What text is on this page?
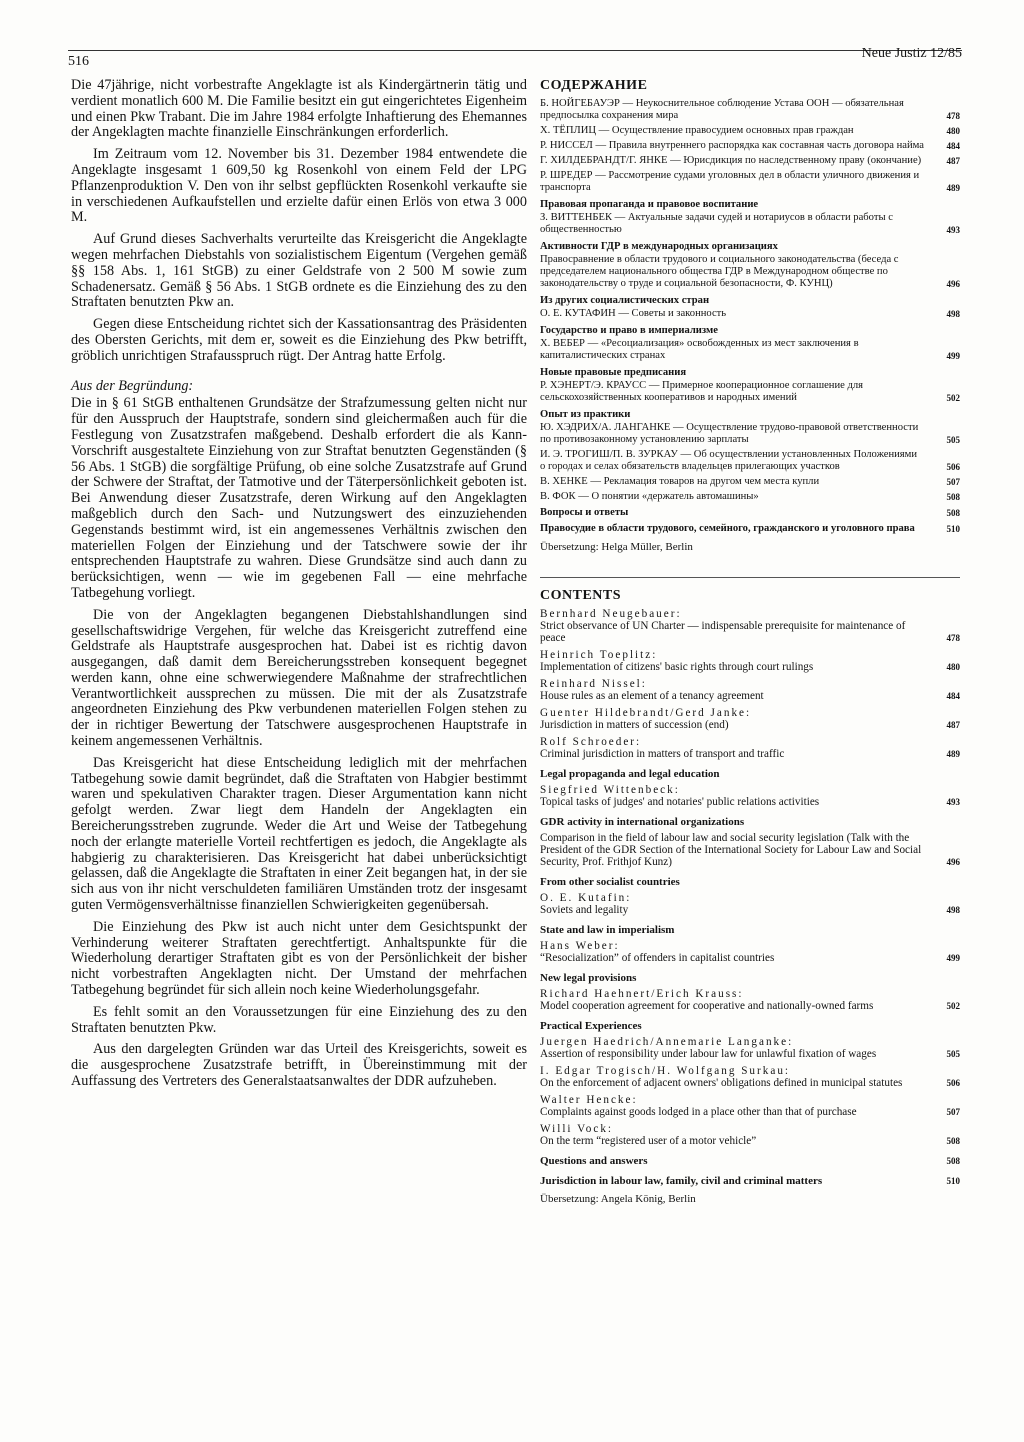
516
Neue Justiz 12/85

Die 47jährige, nicht vorbestrafte Angeklagte ist als Kindergärtnerin tätig und verdient monatlich 600 M. Die Familie besitzt ein gut eingerichtetes Eigenheim und einen Pkw Trabant. Die im Jahre 1984 erfolgte Inhaftierung des Ehemannes der Angeklagten machte finanzielle Einschränkungen erforderlich.

Im Zeitraum vom 12. November bis 31. Dezember 1984 entwendete die Angeklagte insgesamt 1 609,50 kg Rosenkohl von einem Feld der LPG Pflanzenproduktion V. Den von ihr selbst gepflückten Rosenkohl verkaufte sie in verschiedenen Aufkaufstellen und erzielte dafür einen Erlös von etwa 3 000 M.

Auf Grund dieses Sachverhalts verurteilte das Kreisgericht die Angeklagte wegen mehrfachen Diebstahls von sozialistischem Eigentum (Vergehen gemäß §§ 158 Abs. 1, 161 StGB) zu einer Geldstrafe von 2 500 M sowie zum Schadenersatz. Gemäß § 56 Abs. 1 StGB ordnete es die Einziehung des zu den Straftaten benutzten Pkw an.

Gegen diese Entscheidung richtet sich der Kassationsantrag des Präsidenten des Obersten Gerichts, mit dem er, soweit es die Einziehung des Pkw betrifft, gröblich unrichtigen Strafausspruch rügt. Der Antrag hatte Erfolg.

Aus der Begründung:

Die in § 61 StGB enthaltenen Grundsätze der Strafzumessung gelten nicht nur für den Ausspruch der Hauptstrafe, sondern sind gleichermaßen auch für die Festlegung von Zusatzstrafen maßgebend. Deshalb erfordert die als Kann-Vorschrift ausgestaltete Einziehung von zur Straftat benutzten Gegenständen (§ 56 Abs. 1 StGB) die sorgfältige Prüfung, ob eine solche Zusatzstrafe auf Grund der Schwere der Straftat, der Tatmotive und der Täterpersönlichkeit geboten ist. Bei Anwendung dieser Zusatzstrafe, deren Wirkung auf den Angeklagten maßgeblich durch den Sach- und Nutzungswert des einzuziehenden Gegenstands bestimmt wird, ist ein angemessenes Verhältnis zwischen den materiellen Folgen der Einziehung und der Tatschwere sowie der ihr entsprechenden Hauptstrafe zu wahren. Diese Grundsätze sind auch dann zu berücksichtigen, wenn — wie im gegebenen Fall — eine mehrfache Tatbegehung vorliegt.

Die von der Angeklagten begangenen Diebstahlshandlungen sind gesellschaftswidrige Vergehen, für welche das Kreisgericht zutreffend eine Geldstrafe als Hauptstrafe ausgesprochen hat. Dabei ist es richtig davon ausgegangen, daß damit dem Bereicherungsstreben konsequent begegnet werden kann, ohne eine schwerwiegendere Maßnahme der strafrechtlichen Verantwortlichkeit aussprechen zu müssen. Die mit der als Zusatzstrafe angeordneten Einziehung des Pkw verbundenen materiellen Folgen stehen zu der in richtiger Bewertung der Tatschwere ausgesprochenen Hauptstrafe in keinem angemessenen Verhältnis.

Das Kreisgericht hat diese Entscheidung lediglich mit der mehrfachen Tatbegehung sowie damit begründet, daß die Straftaten von Habgier bestimmt waren und spekulativen Charakter tragen. Dieser Argumentation kann nicht gefolgt werden. Zwar liegt dem Handeln der Angeklagten ein Bereicherungsstreben zugrunde. Weder die Art und Weise der Tatbegehung noch der erlangte materielle Vorteil rechtfertigen es jedoch, die Angeklagte als habgierig zu charakterisieren. Das Kreisgericht hat dabei unberücksichtigt gelassen, daß die Angeklagte die Straftaten in einer Zeit begangen hat, in der sie sich aus von ihr nicht verschuldeten familiären Umständen trotz der insgesamt guten Vermögensverhältnisse finanziellen Schwierigkeiten gegenübersah.

Die Einziehung des Pkw ist auch nicht unter dem Gesichtspunkt der Verhinderung weiterer Straftaten gerechtfertigt. Anhaltspunkte für die Wiederholung derartiger Straftaten gibt es von der Persönlichkeit der bisher nicht vorbestraften Angeklagten nicht. Der Umstand der mehrfachen Tatbegehung begründet für sich allein noch keine Wiederholungsgefahr.

Es fehlt somit an den Voraussetzungen für eine Einziehung des zu den Straftaten benutzten Pkw.

Aus den dargelegten Gründen war das Urteil des Kreisgerichts, soweit es die ausgesprochene Zusatzstrafe betrifft, in Übereinstimmung mit der Auffassung des Vertreters des Generalstaatsanwaltes der DDR aufzuheben.

СОДЕРЖАНИЕ
Б. НОЙГЕБАУЭР — Неукоснительное соблюдение Устава ООН — обязательная предпосылка сохранения мира	478
Х. ТЁПЛИЦ — Осуществление правосудием основных прав граждан	480
Р. НИССЕЛ — Правила внутреннего распорядка как составная часть договора найма	484
Г. ХИЛДЕБРАНДТ/Г. ЯНКЕ — Юрисдикция по наследственному праву (окончание)	487
Р. ШРЕДЕР — Рассмотрение судами уголовных дел в области уличного движения и транспорта	489
Правовая пропаганда и правовое воспитание
З. ВИТТЕНБЕК — Актуальные задачи судей и нотариусов в области работы с общественностью	493
Активности ГДР в международных организациях
Правосравнение в области трудового и социального законодательства (беседа с председателем национального общества ГДР в Международном обществе по законодательству о труде и социальной безопасности, Ф. КУНЦ)	496
Из других социалистических стран
О. Е. КУТАФИН — Советы и законность	498
Государство и право в империализме
Х. ВЕБЕР — «Ресоциализация» освобожденных из мест заключения в капиталистических странах	499
Новые правовые предписания
Р. ХЭНЕРТ/Э. КРАУСС — Примерное кооперационное соглашение для сельскохозяйственных кооперативов и народных имений	502
Опыт из практики
Ю. ХЭДРИХ/А. ЛАНГАНКЕ — Осуществление трудово-правовой ответственности по противозаконному установлению зарплаты	505
И. Э. ТРОГИШ/П. В. ЗУРКАУ — Об осуществлении установленных Положениями о городах и селах обязательств владельцев прилегающих участков	506
В. ХЕНКЕ — Рекламация товаров на другом чем места купли	507
В. ФОК — О понятии «держатель автомашины»	508
Вопросы и ответы	508
Правосудие в области трудового, семейного, гражданского и уголовного права	510
Übersetzung: Helga Müller, Berlin
CONTENTS
Bernhard Neugebauer:
Strict observance of UN Charter — indispensable prerequisite for maintenance of peace	478
Heinrich Toeplitz:
Implementation of citizens' basic rights through court rulings	480
Reinhard Nissel:
House rules as an element of a tenancy agreement	484
Guenter Hildebrandt/Gerd Janke:
Jurisdiction in matters of succession (end)	487
Rolf Schroeder:
Criminal jurisdiction in matters of transport and traffic	489
Legal propaganda and legal education
Siegfried Wittenbeck:
Topical tasks of judges' and notaries' public relations activities	493
GDR activity in international organizations
Comparison in the field of labour law and social security legislation (Talk with the President of the GDR Section of the International Society for Labour Law and Social Security, Prof. Frithjof Kunz)	496
From other socialist countries
O. E. Kutafin:
Soviets and legality	498
State and law in imperialism
Hans Weber:
“Resocialization” of offenders in capitalist countries	499
New legal provisions
Richard Haehnert/Erich Krauss:
Model cooperation agreement for cooperative and nationally-owned farms	502
Practical Experiences
Juergen Haedrich/Annemarie Langanke:
Assertion of responsibility under labour law for unlawful fixation of wages	505
I. Edgar Trogisch/H. Wolfgang Surkau:
On the enforcement of adjacent owners' obligations defined in municipal statutes	506
Walter Hencke:
Complaints against goods lodged in a place other than that of purchase	507
Willi Vock:
On the term “registered user of a motor vehicle”	508
Questions and answers	508
Jurisdiction in labour law, family, civil and criminal matters	510
Übersetzung: Angela König, Berlin
